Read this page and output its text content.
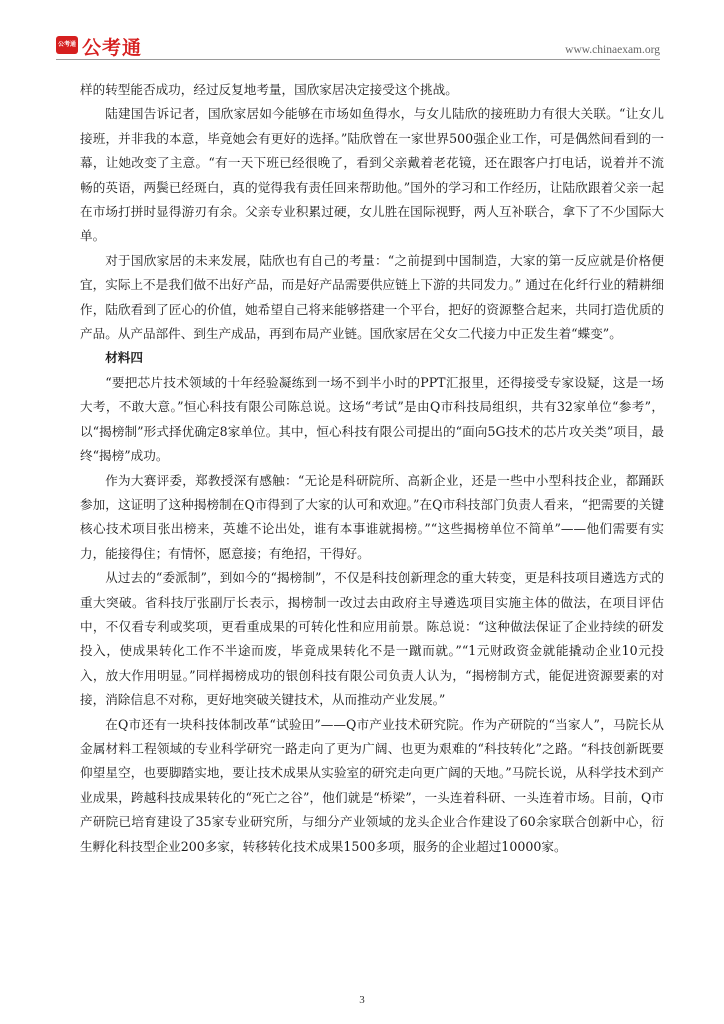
公考通 公考通	www.chinaexam.org

样的转型能否成功，经过反复地考量，国欣家居决定接受这个挑战。

陆建国告诉记者，国欣家居如今能够在市场如鱼得水，与女儿陆欣的接班助力有很大关联。“让女儿接班，并非我的本意，毕竟她会有更好的选择。”陆欣曾在一家世界500强企业工作，可是偶然间看到的一幕，让她改变了主意。“有一天下班已经很晚了，看到父亲戴着老花镜，还在跟客户打电话，说着并不流畅的英语，两鬓已经斑白，真的觉得我有责任回来帮助他。”国外的学习和工作经历，让陆欣跟着父亲一起在市场打拼时显得游刃有余。父亲专业积累过硬，女儿胜在国际视野，两人互补联合，拿下了不少国际大单。

对于国欣家居的未来发展，陆欣也有自己的考量：“之前提到中国制造，大家的第一反应就是价格便宜，实际上不是我们做不出好产品，而是好产品需要供应链上下游的共同发力。” 通过在化纤行业的精耕细作，陆欣看到了匠心的价值，她希望自己将来能够搭建一个平台，把好的资源整合起来，共同打造优质的产品。从产品部件、到生产成品，再到布局产业链。国欣家居在父女二代接力中正发生着“蝶变”。

材料四

“要把芯片技术领域的十年经验凝练到一场不到半小时的PPT汇报里，还得接受专家设疑，这是一场大考，不敢大意。”恒心科技有限公司陈总说。这场“考试”是由Q市科技局组织，共有32家单位“参考”，以“揭榜制”形式择优确定8家单位。其中，恒心科技有限公司提出的“面向5G技术的芯片攻关类”项目，最终“揭榜”成功。

作为大赛评委，郑教授深有感触：“无论是科研院所、高新企业，还是一些中小型科技企业，都踊跃参加，这证明了这种揭榜制在Q市得到了大家的认可和欢迎。”在Q市科技部门负责人看来，“把需要的关键核心技术项目张出榜来，英雄不论出处，谁有本事谁就揭榜。”“这些揭榜单位不简单”——他们需要有实力，能接得住；有情怀，愿意接；有绝招，干得好。

从过去的“委派制”，到如今的“揭榜制”，不仅是科技创新理念的重大转变，更是科技项目遴选方式的重大突破。省科技厅张副厅长表示，揭榜制一改过去由政府主导遴选项目实施主体的做法，在项目评估中，不仅看专利或奖项，更看重成果的可转化性和应用前景。陈总说：“这种做法保证了企业持续的研发投入，使成果转化工作不半途而废，毕竟成果转化不是一蹴而就。”“1元财政资金就能撬动企业10元投入，放大作用明显。”同样揭榜成功的银创科技有限公司负责人认为，“揭榜制方式，能促进资源要素的对接，消除信息不对称，更好地突破关键技术，从而推动产业发展。”

在Q市还有一块科技体制改革“试验田”——Q市产业技术研究院。作为产研院的“当家人”，马院长从金属材料工程领域的专业科学研究一路走向了更为广阔、也更为艰难的“科技转化”之路。“科技创新既要仰望星空，也要脚踏实地，要让技术成果从实验室的研究走向更广阔的天地。”马院长说，从科学技术到产业成果，跨越科技成果转化的“死亡之谷”，他们就是“桥梁”，一头连着科研、一头连着市场。目前，Q市产研院已培育建设了35家专业研究所，与细分产业领域的龙头企业合作建设了60余家联合创新中心，衍生孵化科技型企业200多家，转移转化技术成果1500多项，服务的企业超过10000家。

3
